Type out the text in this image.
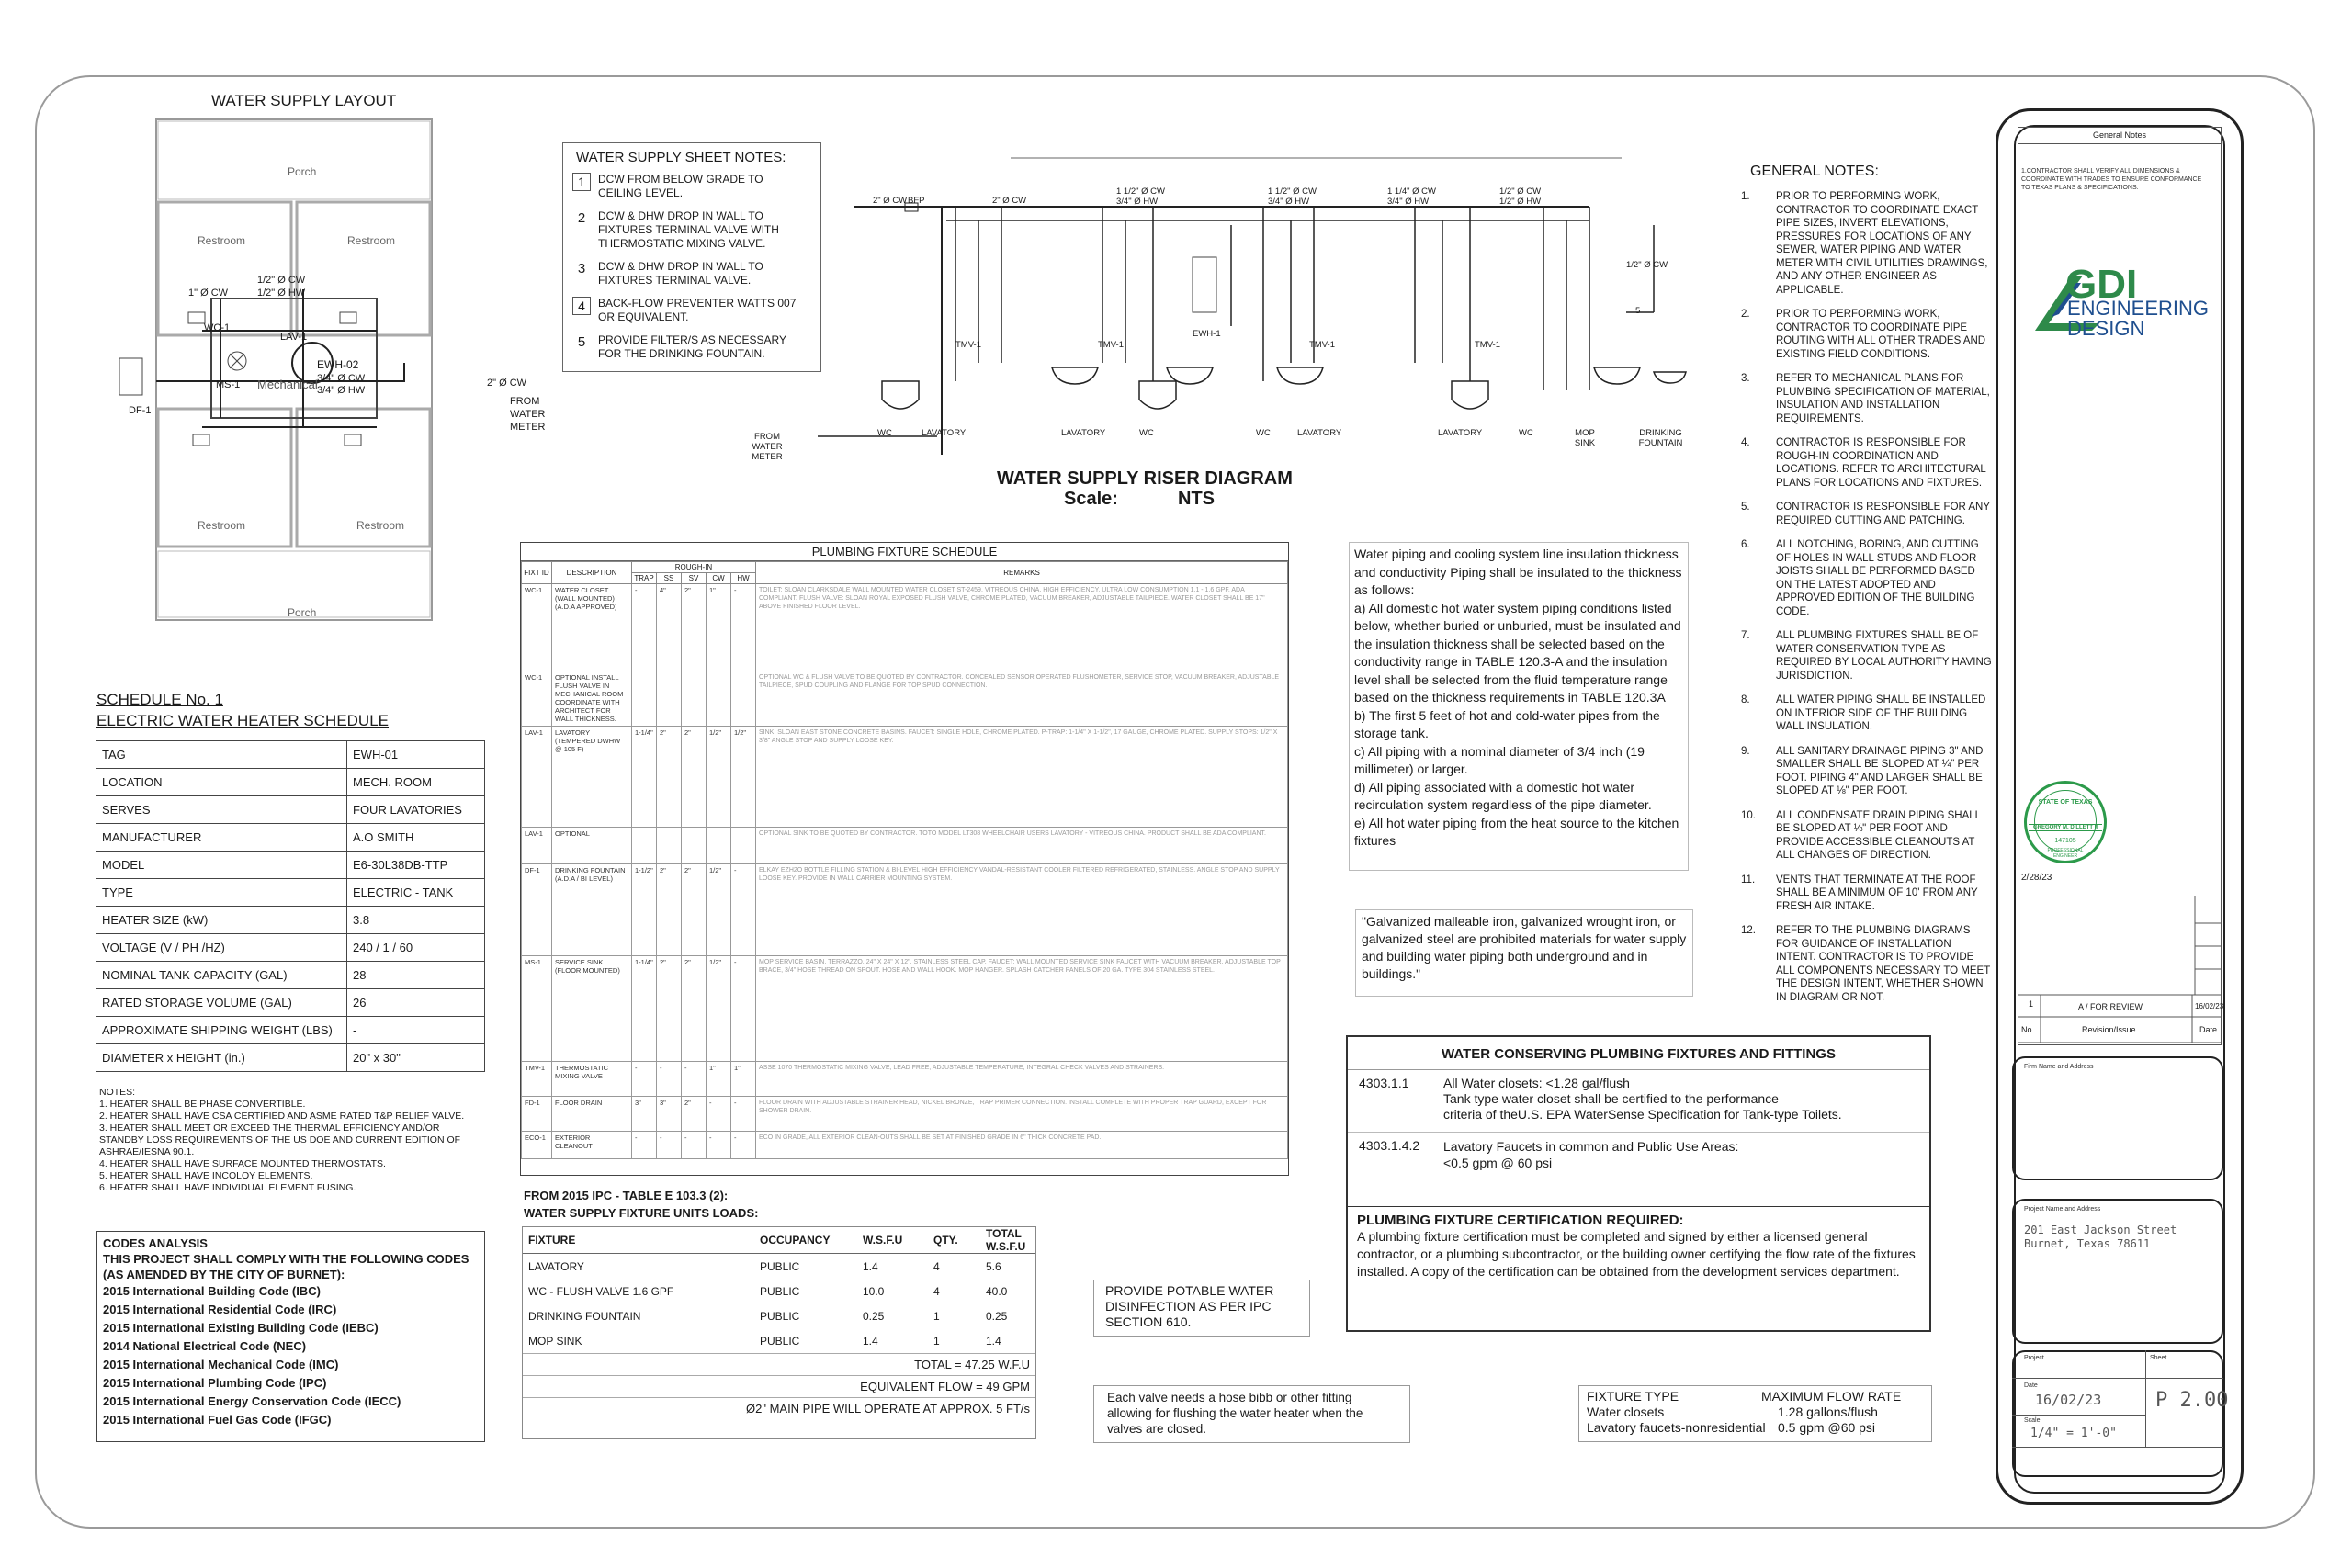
WATER SUPPLY LAYOUT
Porch
Restroom	Restroom
Mechanical
Restroom	Restroom
Porch
EWH-02
3/4" Ø CW
3/4" Ø HW
1/2" Ø CW
1/2" Ø HW
1" Ø CW
2" Ø CW
FROM WATER METER
DF-1
MS-1
WC-1
LAV-1
WATER SUPPLY SHEET NOTES:
1	DCW FROM BELOW GRADE TO CEILING LEVEL.
2	DCW & DHW DROP IN WALL TO FIXTURES TERMINAL VALVE WITH THERMOSTATIC MIXING VALVE.
3	DCW & DHW DROP IN WALL TO FIXTURES TERMINAL VALVE.
4	BACK-FLOW PREVENTER WATTS 007 OR EQUIVALENT.
5	PROVIDE FILTER/S AS NECESSARY FOR THE DRINKING FOUNTAIN.
2" Ø CW BFP	2" Ø CW
1 1/2" Ø CW
3/4" Ø HW
1 1/2" Ø CW
3/4" Ø HW
1 1/4" Ø CW
3/4" Ø HW
1/2" Ø CW
1/2" Ø HW
1/2" Ø CW
EWH-1
5
TMV-1	TMV-1	TMV-1	TMV-1
FROM WATER METER
WC	LAVATORY	LAVATORY	WC	WC	LAVATORY	LAVATORY	WC	MOP SINK
DRINKING FOUNTAIN
WATER SUPPLY RISER DIAGRAM
Scale:	NTS
GENERAL NOTES:
1. PRIOR TO PERFORMING WORK, CONTRACTOR TO COORDINATE EXACT PIPE SIZES, INVERT ELEVATIONS, PRESSURES FOR LOCATIONS OF ANY SEWER, WATER PIPING AND WATER METER WITH CIVIL UTILITIES DRAWINGS, AND ANY OTHER ENGINEER AS APPLICABLE.
2. PRIOR TO PERFORMING WORK, CONTRACTOR TO COORDINATE PIPE ROUTING WITH ALL OTHER TRADES AND EXISTING FIELD CONDITIONS.
3. REFER TO MECHANICAL PLANS FOR PLUMBING SPECIFICATION OF MATERIAL, INSULATION AND INSTALLATION REQUIREMENTS.
4. CONTRACTOR IS RESPONSIBLE FOR ROUGH-IN COORDINATION AND LOCATIONS. REFER TO ARCHITECTURAL PLANS FOR LOCATIONS AND FIXTURES.
5. CONTRACTOR IS RESPONSIBLE FOR ANY REQUIRED CUTTING AND PATCHING.
6. ALL NOTCHING, BORING, AND CUTTING OF HOLES IN WALL STUDS AND FLOOR JOISTS SHALL BE PERFORMED BASED ON THE LATEST ADOPTED AND APPROVED EDITION OF THE BUILDING CODE.
7. ALL PLUMBING FIXTURES SHALL BE OF WATER CONSERVATION TYPE AS REQUIRED BY LOCAL AUTHORITY HAVING JURISDICTION.
8. ALL WATER PIPING SHALL BE INSTALLED ON INTERIOR SIDE OF THE BUILDING WALL INSULATION.
9. ALL SANITARY DRAINAGE PIPING 3" AND SMALLER SHALL BE SLOPED AT ¼" PER FOOT. PIPING 4" AND LARGER SHALL BE SLOPED AT ⅛" PER FOOT.
10. ALL CONDENSATE DRAIN PIPING SHALL BE SLOPED AT ⅛" PER FOOT AND PROVIDE ACCESSIBLE CLEANOUTS AT ALL CHANGES OF DIRECTION.
11. VENTS THAT TERMINATE AT THE ROOF SHALL BE A MINIMUM OF 10' FROM ANY FRESH AIR INTAKE.
12. REFER TO THE PLUMBING DIAGRAMS FOR GUIDANCE OF INSTALLATION INTENT. CONTRACTOR IS TO PROVIDE ALL COMPONENTS NECESSARY TO MEET THE DESIGN INTENT, WHETHER SHOWN IN DIAGRAM OR NOT.
PLUMBING FIXTURE SCHEDULE
FIXT ID	DESCRIPTION	ROUGH-IN					REMARKS
		TRAP	SS	SV	CW	HW	
WC-1	WATER CLOSET (WALL MOUNTED) (A.D.A APPROVED)	-	4"	2"	1"	-	TOILET: SLOAN CLARKSDALE WALL MOUNTED WATER CLOSET ST-2459, VITREOUS CHINA, HIGH EFFICIENCY, ULTRA LOW CONSUMPTION 1.1 - 1.6 GPF. ADA COMPLIANT. FLUSH VALVE: SLOAN ROYAL EXPOSED FLUSH VALVE, CHROME PLATED, VACUUM BREAKER, ADJUSTABLE TAILPIECE. WATER CLOSET SHALL BE 17" ABOVE FINISHED FLOOR LEVEL.
WC-1	OPTIONAL INSTALL FLUSH VALVE IN MECHANICAL ROOM COORDINATE WITH ARCHITECT FOR WALL THICKNESS.						OPTIONAL WC & FLUSH VALVE TO BE QUOTED BY CONTRACTOR. CONCEALED SENSOR OPERATED FLUSHOMETER, SERVICE STOP, VACUUM BREAKER, ADJUSTABLE TAILPIECE, SPUD COUPLING AND FLANGE FOR TOP SPUD CONNECTION.
LAV-1	LAVATORY (TEMPERED DWHW @ 105 F)	1-1/4"	2"	2"	1/2"	1/2"	SINK: SLOAN EAST STONE CONCRETE BASINS. FAUCET: SINGLE HOLE, CHROME PLATED. P-TRAP: 1-1/4" X 1-1/2", 17 GAUGE, CHROME PLATED. SUPPLY STOPS: 1/2" X 3/8" ANGLE STOP AND SUPPLY LOOSE KEY.
LAV-1	OPTIONAL						OPTIONAL SINK TO BE QUOTED BY CONTRACTOR. TOTO MODEL LT308 WHEELCHAIR USERS LAVATORY - VITREOUS CHINA. PRODUCT SHALL BE ADA COMPLIANT.
DF-1	DRINKING FOUNTAIN (A.D.A / BI LEVEL)	1-1/2"	2"	2"	1/2"	-	ELKAY EZH2O BOTTLE FILLING STATION & BI-LEVEL HIGH EFFICIENCY VANDAL-RESISTANT COOLER FILTERED REFRIGERATED, STAINLESS. ANGLE STOP AND SUPPLY LOOSE KEY. PROVIDE IN WALL CARRIER MOUNTING SYSTEM.
MS-1	SERVICE SINK (FLOOR MOUNTED)	1-1/4"	2"	2"	1/2"	-	MOP SERVICE BASIN, TERRAZZO, 24" X 24" X 12", STAINLESS STEEL CAP. FAUCET: WALL MOUNTED SERVICE SINK FAUCET WITH VACUUM BREAKER, ADJUSTABLE TOP BRACE, 3/4" HOSE THREAD ON SPOUT. HOSE AND WALL HOOK. MOP HANGER. SPLASH CATCHER PANELS OF 20 GA. TYPE 304 STAINLESS STEEL.
TMV-1	THERMOSTATIC MIXING VALVE	-	-	-	1"	1"	ASSE 1070 THERMOSTATIC MIXING VALVE, LEAD FREE, ADJUSTABLE TEMPERATURE, INTEGRAL CHECK VALVES AND STRAINERS.
FD-1	FLOOR DRAIN	3"	3"	2"	-	-	FLOOR DRAIN WITH ADJUSTABLE STRAINER HEAD, NICKEL BRONZE, TRAP PRIMER CONNECTION. INSTALL COMPLETE WITH PROPER TRAP GUARD, EXCEPT FOR SHOWER DRAIN.
ECO-1	EXTERIOR CLEANOUT	-	-	-	-	-	ECO IN GRADE, ALL EXTERIOR CLEAN-OUTS SHALL BE SET AT FINISHED GRADE IN 6" THICK CONCRETE PAD.
Water piping and cooling system line insulation thickness and conductivity Piping shall be insulated to the thickness as follows:
a) All domestic hot water system piping conditions listed below, whether buried or unburied, must be insulated and the insulation thickness shall be selected based on the conductivity range in TABLE 120.3-A and the insulation level shall be selected from the fluid temperature range based on the thickness requirements in TABLE 120.3A
b) The first 5 feet of hot and cold-water pipes from the storage tank.
c) All piping with a nominal diameter of 3/4 inch (19 millimeter) or larger.
d) All piping associated with a domestic hot water recirculation system regardless of the pipe diameter.
e) All hot water piping from the heat source to the kitchen fixtures
"Galvanized malleable iron, galvanized wrought iron, or galvanized steel are prohibited materials for water supply and building water piping both underground and in buildings."
WATER CONSERVING PLUMBING FIXTURES AND FITTINGS
4303.1.1	All Water closets: <1.28 gal/flush
Tank type water closet shall be certified to the performance
criteria of theU.S. EPA WaterSense Specification for Tank-type Toilets.
4303.1.4.2	Lavatory Faucets in common and Public Use Areas:
<0.5 gpm @ 60 psi
PLUMBING FIXTURE CERTIFICATION REQUIRED:
A plumbing fixture certification must be completed and signed by either a licensed general contractor, or a plumbing subcontractor, or the building owner certifying the flow rate of the fixtures installed. A copy of the certification can be obtained from the development services department.
SCHEDULE No. 1
ELECTRIC WATER HEATER SCHEDULE
TAG	EWH-01
LOCATION	MECH. ROOM
SERVES	FOUR LAVATORIES
MANUFACTURER	A.O SMITH
MODEL	E6-30L38DB-TTP
TYPE	ELECTRIC - TANK
HEATER SIZE (kW)	3.8
VOLTAGE (V / PH /HZ)	240 / 1 / 60
NOMINAL TANK CAPACITY (GAL)	28
RATED STORAGE VOLUME (GAL)	26
APPROXIMATE SHIPPING WEIGHT (LBS)	-
DIAMETER x HEIGHT (in.)	20" x 30"
NOTES:
1. HEATER SHALL BE PHASE CONVERTIBLE.
2. HEATER SHALL HAVE CSA CERTIFIED AND ASME RATED T&P RELIEF VALVE.
3. HEATER SHALL MEET OR EXCEED THE THERMAL EFFICIENCY AND/OR STANDBY LOSS REQUIREMENTS OF THE US DOE AND CURRENT EDITION OF ASHRAE/IESNA 90.1.
4. HEATER SHALL HAVE SURFACE MOUNTED THERMOSTATS.
5. HEATER SHALL HAVE INCOLOY ELEMENTS.
6. HEATER SHALL HAVE INDIVIDUAL ELEMENT FUSING.
CODES ANALYSIS
THIS PROJECT SHALL COMPLY WITH THE FOLLOWING CODES
(AS AMENDED BY THE CITY OF BURNET):
2015 International Building Code (IBC)
2015 International Residential Code (IRC)
2015 International Existing Building Code (IEBC)
2014 National Electrical Code (NEC)
2015 International Mechanical Code (IMC)
2015 International Plumbing Code (IPC)
2015 International Energy Conservation Code (IECC)
2015 International Fuel Gas Code (IFGC)
FROM 2015 IPC - TABLE E 103.3 (2):
WATER SUPPLY FIXTURE UNITS LOADS:
FIXTURE	OCCUPANCY	W.S.F.U	QTY.	TOTAL W.S.F.U
LAVATORY	PUBLIC	1.4	4	5.6
WC - FLUSH VALVE 1.6 GPF	PUBLIC	10.0	4	40.0
DRINKING FOUNTAIN	PUBLIC	0.25	1	0.25
MOP SINK	PUBLIC	1.4	1	1.4
TOTAL = 47.25 W.F.U
EQUIVALENT FLOW = 49 GPM
Ø2" MAIN PIPE WILL OPERATE AT APPROX. 5 FT/s
PROVIDE POTABLE WATER DISINFECTION AS PER IPC SECTION 610.
Each valve needs a hose bibb or other fitting allowing for flushing the water heater when the valves are closed.
FIXTURE TYPE	MAXIMUM FLOW RATE
Water closets	1.28 gallons/flush
Lavatory faucets-nonresidential 0.5 gpm @60 psi
General Notes
1.CONTRACTOR SHALL VERIFY ALL DIMENSIONS & COORDINATE WITH TRADES TO ENSURE CONFORMANCE TO TEXAS PLANS & SPECIFICATIONS.
GDI
ENGINEERING
DESIGN
STATE OF TEXAS
GREGORY M. DILLETT II
147105
PROFESSIONAL ENGINEER
2/28/23
1	A / FOR REVIEW	16/02/23
No.	Revision/Issue	Date
Firm Name and Address
Project Name and Address
201 East Jackson Street
Burnet, Texas 78611
Project	Sheet
Date
16/02/23
Scale
1/4" = 1'-0"
P 2.00
